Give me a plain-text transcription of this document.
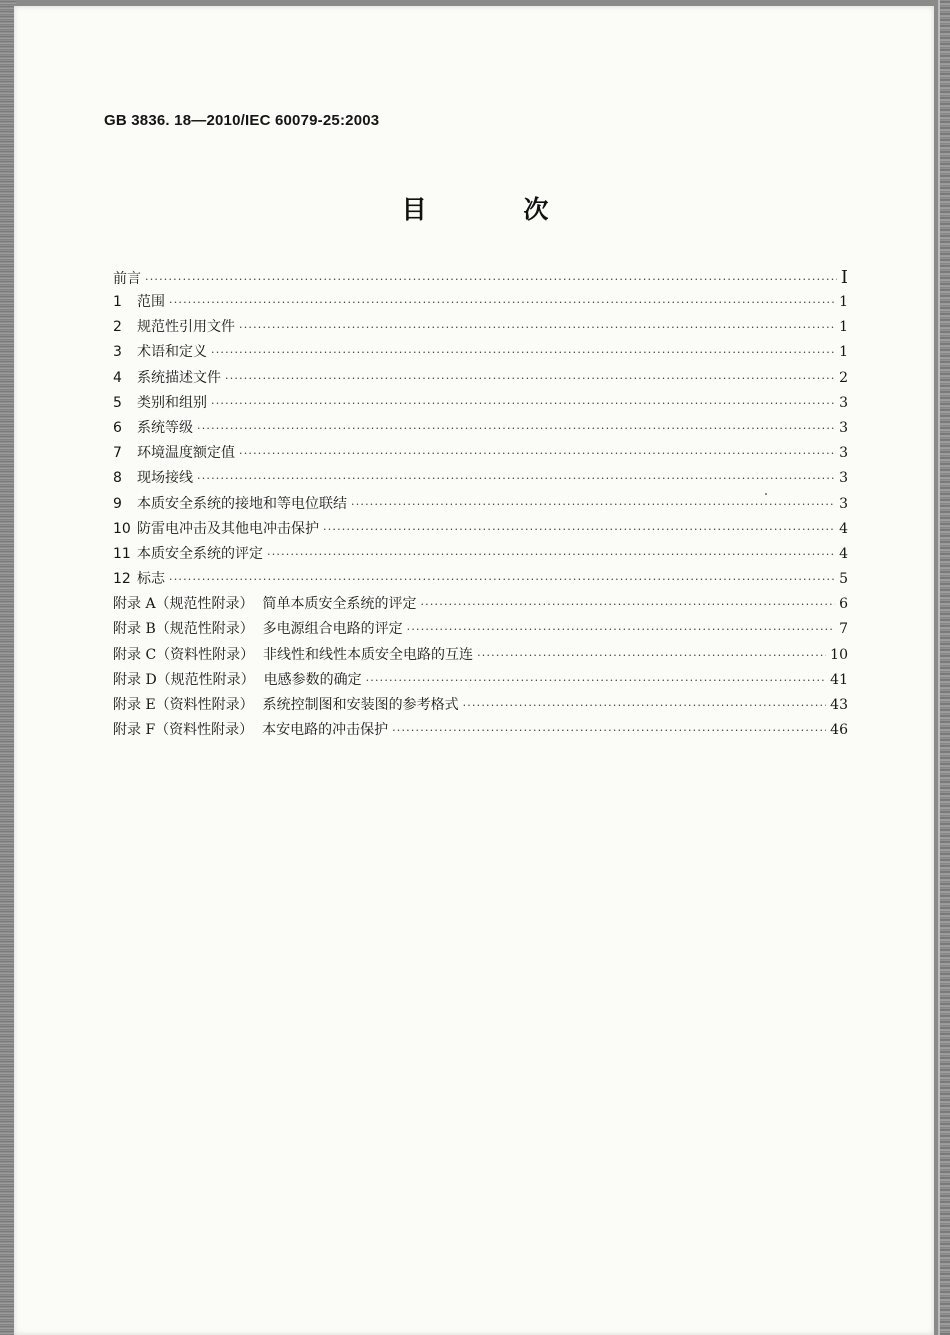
GB 3836. 18—2010/IEC 60079-25:2003
目 次
前言 ·····	I
1 范围 ·····	1
2 规范性引用文件 ·····	1
3 术语和定义 ·····	1
4 系统描述文件 ·····	2
5 类别和组别 ·····	3
6 系统等级 ·····	3
7 环境温度额定值 ·····	3
8 现场接线 ·····	3
9 本质安全系统的接地和等电位联结 ·····	3
10 防雷电冲击及其他电冲击保护 ·····	4
11 本质安全系统的评定 ·····	4
12 标志 ·····	5
附录 A（规范性附录）  简单本质安全系统的评定 ·····	6
附录 B（规范性附录）  多电源组合电路的评定 ·····	7
附录 C（资料性附录）  非线性和线性本质安全电路的互连 ·····	10
附录 D（规范性附录）  电感参数的确定 ·····	41
附录 E（资料性附录）  系统控制图和安装图的参考格式 ·····	43
附录 F（资料性附录）  本安电路的冲击保护 ·····	46
